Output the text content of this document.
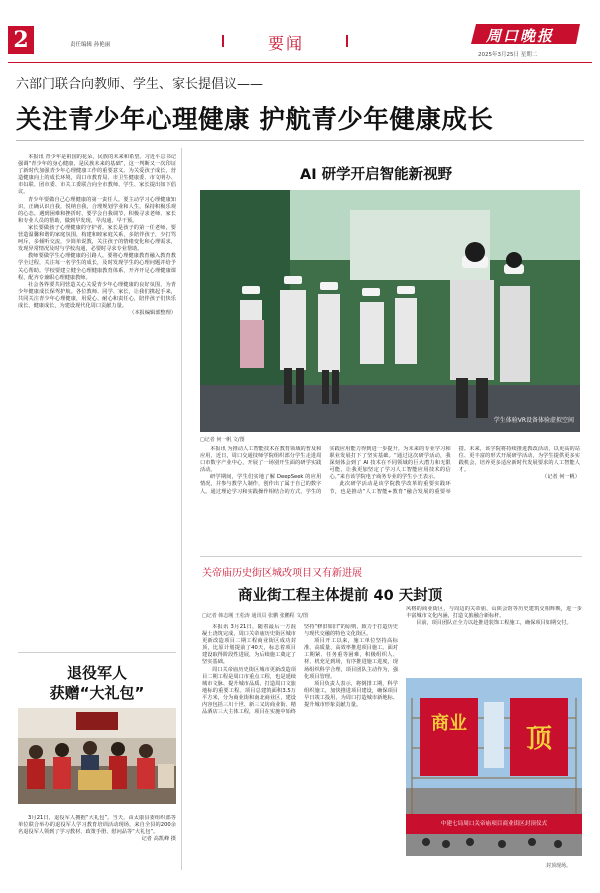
2	责任编辑 孙艳丽	要闻	周口晚报
2025年3月25日 星期二
六部门联合向教师、学生、家长提倡议——
关注青少年心理健康 护航青少年健康成长

本报讯 青少年是祖国的花朵，民族的未来和希望。习近平总书记强调“青少年的身心健康，是民族未来的基础”，这一判断又一次印证了新时代加强青少年心理健康工作的重要意义。为关爱孩子成长，营造健康向上的成长环境，周口市教育局、市卫生健康委、市文明办、市妇联、团市委、市关工委联合向全市教师、学生、家长提出如下倡议。

青少年要做自己心理健康的第一责任人。要主动学习心理健康知识，正确认识自我，悦纳自我，合理规划学业和人生，保持积极乐观的心态。遇到困难和挫折时，要学会自我调节，积极寻求老师、家长和专业人员的帮助，做到早发现、早沟通、早干预。

家长要做孩子心理健康的守护者。家长是孩子的第一任老师，要营造温馨和谐的家庭氛围，构建和睦家庭关系，多陪伴孩子，少打骂呵斥，多倾听交流，少简单说教，关注孩子的情绪变化和心理需求，发现异常情况及时与学校沟通，必要时寻求专业帮助。

教师要做学生心理健康的引路人。要将心理健康教育融入教育教学全过程，关注每一名学生的成长，及时发现学生的心理问题并给予关心帮助。学校要建立健全心理健康教育体系，开齐开足心理健康课程，配齐专兼职心理健康教师。

社会各界要共同营造关心关爱青少年心理健康的良好氛围，为青少年健康成长保驾护航。各位教师、同学、家长，让我们携起手来，共同关注青少年心理健康，用爱心、耐心和责任心，陪伴孩子们快乐成长、健康成长，为建设现代化周口贡献力量。

（本报编辑部整理）

退役军人
获赠“大礼包”
3月21日，退役军人拥抱“大礼包”。当天，由太康县委组织部等单位联合举办的退役军人学习教育培训活动现场，来自全县的200余名退役军人领到了学习教材、政策手册、慰问品等“大礼包”。
记者 高凯峰 摄
AI 研学开启智能新视野
学生体验VR设备体验虚拟空间
□记者 何一帆 文/图

本报讯 为推动人工智能技术在教育领域的普及和应用，近日，周口交通技师学院组织部分学生走进周口市数字产业中心，开展了一场别开生面的研学实践活动。

研学期间，学生们实地了解 DeepSeek 的应用情况，并参与教学人制作，创作出了属于自己的数字人。通过理论学习和实践操作相结合的方式，学生的实践应用能力得到进一步提升，为未来的专业学习和职业发展打下了坚实基础。“通过这次研学活动，我深刻体会到了 AI 技术在不同领域的巨大潜力和无限可能，让我更加坚定了学习人工智能应用技术的信心。”来自该学院电子商务专业的学生小王表示。

此次研学活动是该学院教学改革的重要实践环节，也是推动“人工智能+教育”融合发展的重要举措。未来，该学院将持续推进教改活动，以更高的站位、更丰富的形式开展研学活动，为学生提供更多实践机会，培养更多适应新时代发展要求的人工智能人才。

（记者 何一帆）

关帝庙历史街区城改项目又有新进展
商业街工程主体提前 40 天封顶
□记者 韩志刚 王松涛 通讯员 张鹏 张鹏程 文/图

本报讯 3月21日，随着最后一方混凝土浇筑完成，周口关帝庙历史街区城市更新改造项目二期工程商业街区成功封顶，比原计划提前了40天，标志着项目建设取得阶段性进展，为后续施工奠定了坚实基础。

周口关帝庙历史街区城市更新改造项目二期工程是周口市重点工程，也是延续城市文脉、提升城市品质、打造周口文旅地标的重要工程。项目总建筑面积3.5万平方米，分为商业街和南北商业区，建设内容包括三川十世、新三义坊商业街、精品酒店三大主体工程，项目在实施中始终坚持“修旧如旧”的原则，致力于打造历史与现代交融的特色文化街区。

项目开工以来，施工单位坚持高标准、高质量、高效率推进项目施工。面对工期紧、任务重等困难，积极组织人、材、机充足到场，有序推进施工进度，现场组织科学合理，项目团队主动作为，强化项目管理。

项目负责人表示，将倒排工期，科学组织施工，加快推进项目建设，确保项目早日竣工投用，为周口打造城市新地标、提升城市形象贡献力量。

风格的商业街区，与周边的关帝庙、山陕会馆等历史建筑交相辉映，进一步丰富城市文化内涵，打造文旅融合新标杆。

目前，项目团队正全力以赴推进装饰工程施工，确保项目如期交付。

商业
顶
中建七局周口关帝庙项目商业街区封顶仪式
封顶现场。
